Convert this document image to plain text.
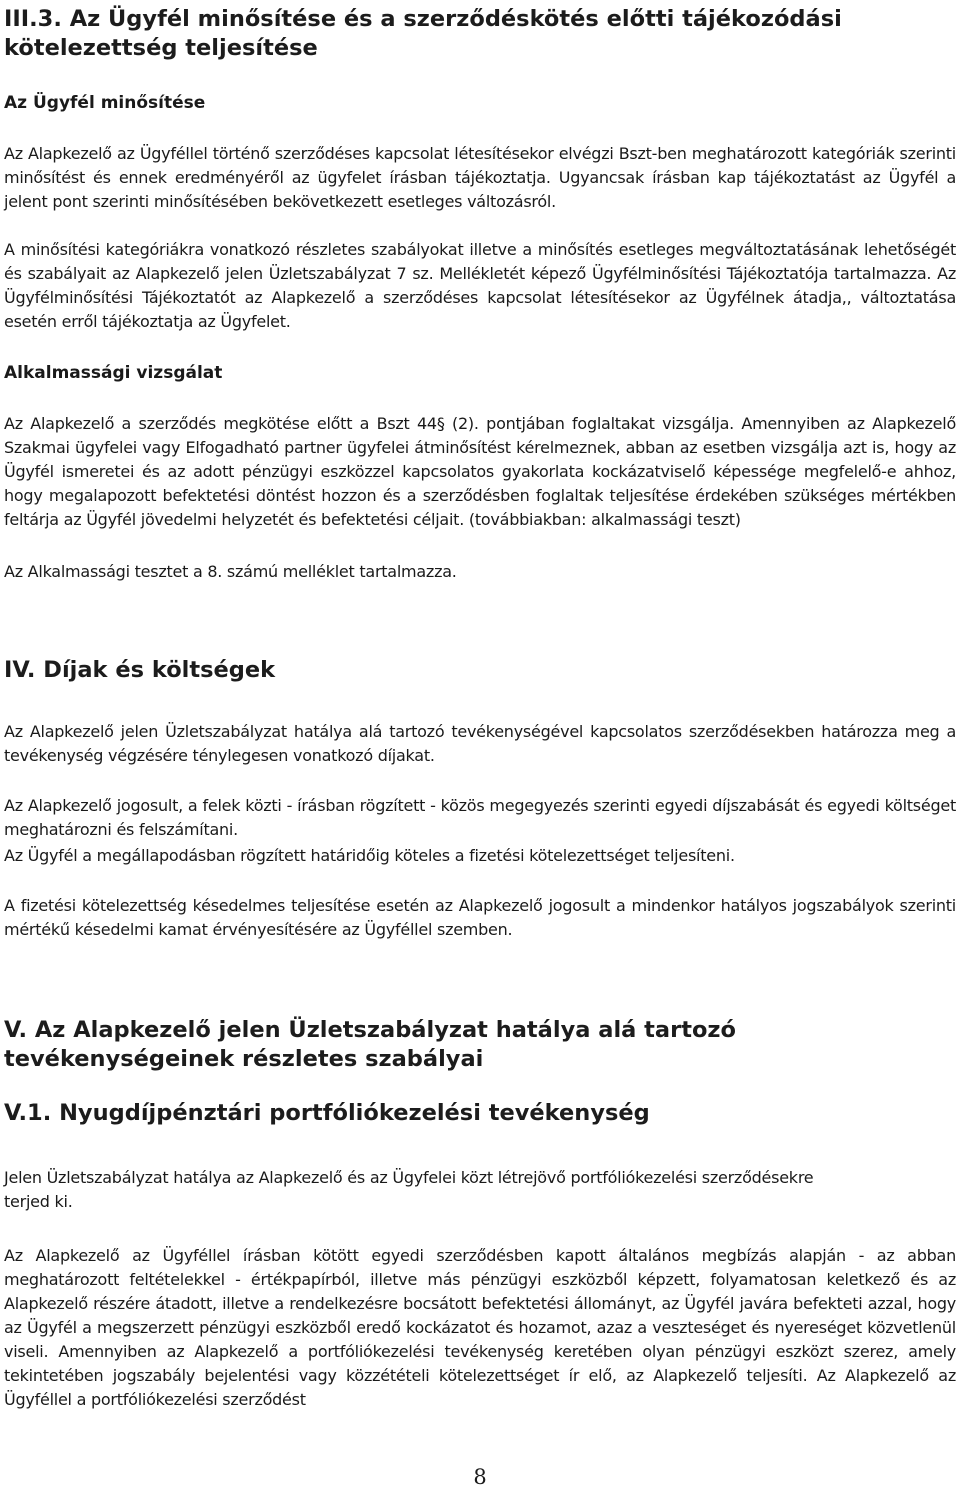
III.3. Az Ügyfél minősítése és a szerződéskötés előtti tájékozódási kötelezettség teljesítése
Az Ügyfél minősítése
Az Alapkezelő az Ügyféllel történő szerződéses kapcsolat létesítésekor elvégzi Bszt-ben meghatározott kategóriák szerinti minősítést és ennek eredményéről az ügyfelet írásban tájékoztatja. Ugyancsak írásban kap tájékoztatást az Ügyfél a jelent pont szerinti minősítésében bekövetkezett esetleges változásról.
A minősítési kategóriákra vonatkozó részletes szabályokat illetve a minősítés esetleges megváltoztatásának lehetőségét és szabályait az Alapkezelő jelen Üzletszabályzat 7 sz. Mellékletét képező Ügyfélminősítési Tájékoztatója tartalmazza. Az Ügyfélminősítési Tájékoztatót az Alapkezelő a szerződéses kapcsolat létesítésekor az Ügyfélnek átadja,, változtatása esetén erről tájékoztatja az Ügyfelet.
Alkalmassági vizsgálat
Az Alapkezelő a szerződés megkötése előtt a Bszt 44§ (2). pontjában foglaltakat vizsgálja. Amennyiben az Alapkezelő Szakmai ügyfelei vagy Elfogadható partner ügyfelei átminősítést kérelmeznek, abban az esetben vizsgálja azt is, hogy az Ügyfél ismeretei és az adott pénzügyi eszközzel kapcsolatos gyakorlata kockázatviselő képessége megfelelő-e ahhoz, hogy megalapozott befektetési döntést hozzon és a szerződésben foglaltak teljesítése érdekében szükséges mértékben feltárja az Ügyfél jövedelmi helyzetét és befektetési céljait. (továbbiakban: alkalmassági teszt)
Az Alkalmassági tesztet a 8. számú melléklet tartalmazza.
IV. Díjak és költségek
Az Alapkezelő jelen Üzletszabályzat hatálya alá tartozó tevékenységével kapcsolatos szerződésekben határozza meg a tevékenység végzésére ténylegesen vonatkozó díjakat.
Az Alapkezelő jogosult, a felek közti - írásban rögzített - közös megegyezés szerinti egyedi díjszabását és egyedi költséget meghatározni és felszámítani.
Az Ügyfél a megállapodásban rögzített határidőig köteles a fizetési kötelezettséget teljesíteni.
A fizetési kötelezettség késedelmes teljesítése esetén az Alapkezelő jogosult a mindenkor hatályos jogszabályok szerinti mértékű késedelmi kamat érvényesítésére az Ügyféllel szemben.
V. Az Alapkezelő jelen Üzletszabályzat hatálya alá tartozó tevékenységeinek részletes szabályai
V.1. Nyugdíjpénztári portfóliókezelési tevékenység
Jelen Üzletszabályzat hatálya az Alapkezelő és az Ügyfelei közt létrejövő portfóliókezelési szerződésekre
terjed ki.
Az Alapkezelő az Ügyféllel írásban kötött egyedi szerződésben kapott általános megbízás alapján - az abban meghatározott feltételekkel - értékpapírból, illetve más pénzügyi eszközből képzett, folyamatosan keletkező és az Alapkezelő részére átadott, illetve a rendelkezésre bocsátott befektetési állományt, az Ügyfél javára befekteti azzal, hogy az Ügyfél a megszerzett pénzügyi eszközből eredő kockázatot és hozamot, azaz a veszteséget és nyereséget közvetlenül viseli. Amennyiben az Alapkezelő a portfóliókezelési tevékenység keretében olyan pénzügyi eszközt szerez, amely tekintetében jogszabály bejelentési vagy közzétételi kötelezettséget ír elő, az Alapkezelő teljesíti. Az Alapkezelő az Ügyféllel a portfóliókezelési szerződést
8
